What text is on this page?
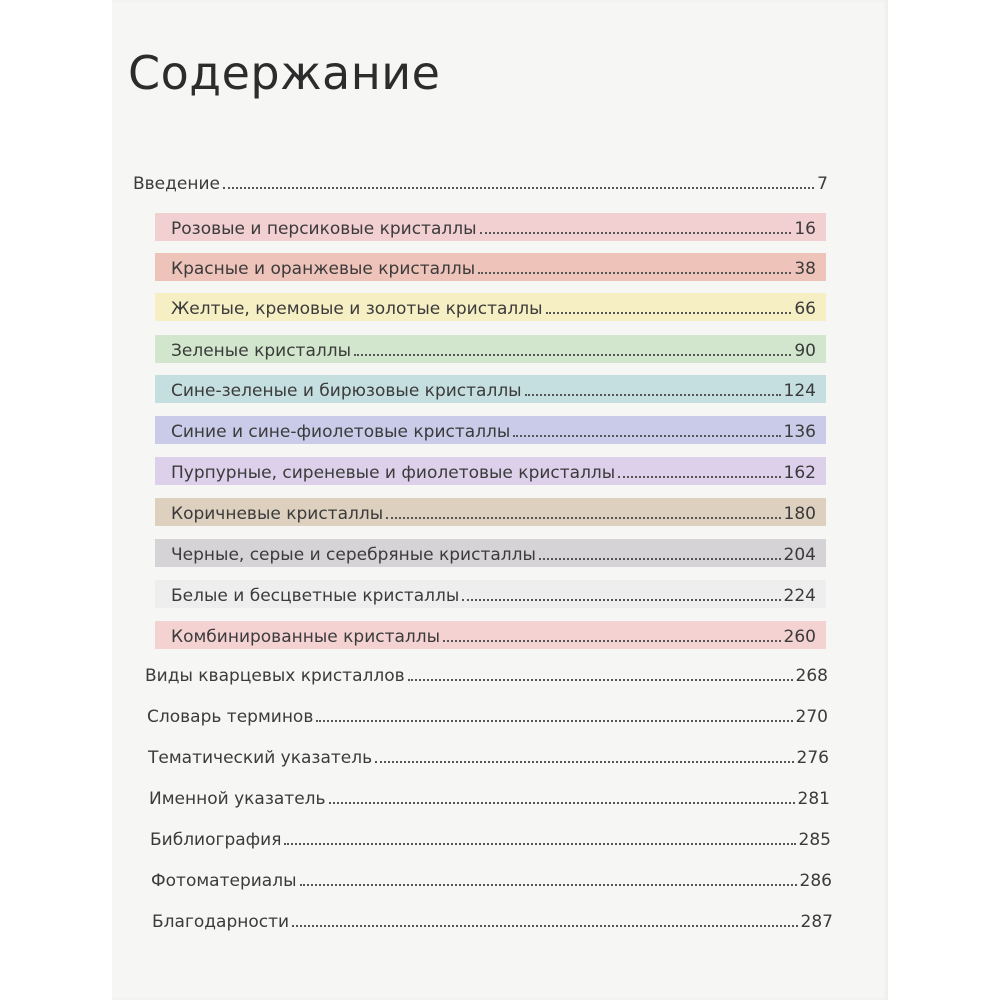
Содержание
Введение	7
Розовые и персиковые кристаллы	16
Красные и оранжевые кристаллы	38
Желтые, кремовые и золотые кристаллы	66
Зеленые кристаллы	90
Сине-зеленые и бирюзовые кристаллы	124
Синие и сине-фиолетовые кристаллы	136
Пурпурные, сиреневые и фиолетовые кристаллы	162
Коричневые кристаллы	180
Черные, серые и серебряные кристаллы	204
Белые и бесцветные кристаллы	224
Комбинированные кристаллы	260
Виды кварцевых кристаллов	268
Словарь терминов	270
Тематический указатель	276
Именной указатель	281
Библиография	285
Фотоматериалы	286
Благодарности	287
